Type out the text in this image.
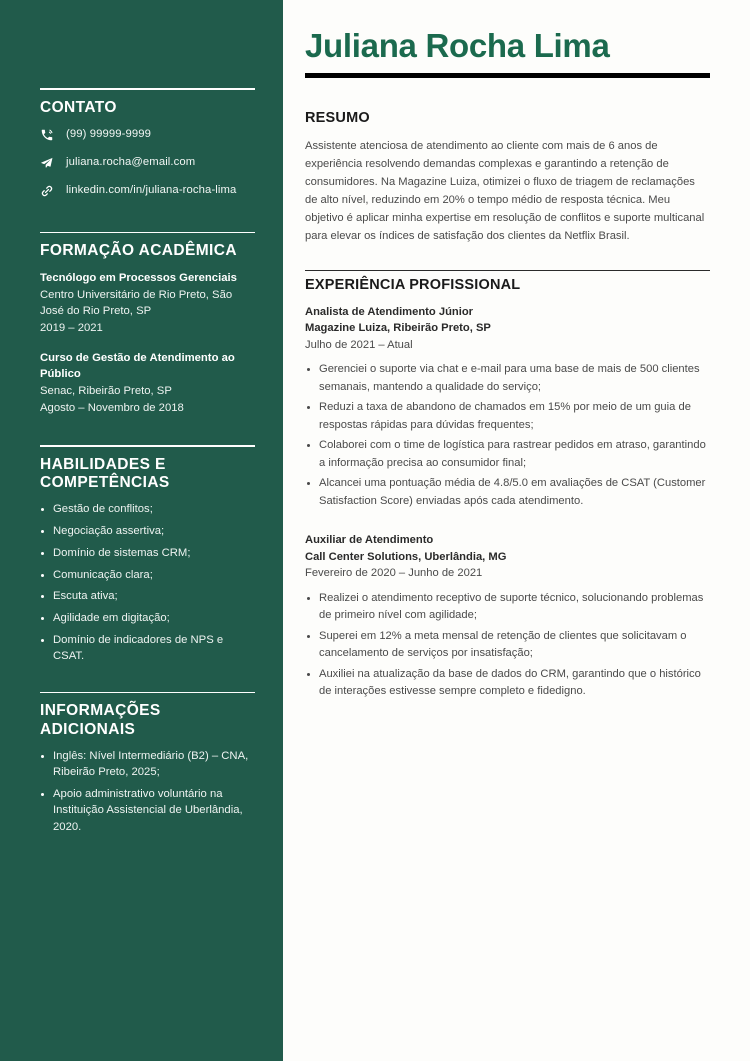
CONTATO
(99) 99999-9999
juliana.rocha@email.com
linkedin.com/in/juliana-rocha-lima
FORMAÇÃO ACADÊMICA
Tecnólogo em Processos Gerenciais
Centro Universitário de Rio Preto, São José do Rio Preto, SP
2019 – 2021
Curso de Gestão de Atendimento ao Público
Senac, Ribeirão Preto, SP
Agosto – Novembro de 2018
HABILIDADES E COMPETÊNCIAS
Gestão de conflitos;
Negociação assertiva;
Domínio de sistemas CRM;
Comunicação clara;
Escuta ativa;
Agilidade em digitação;
Domínio de indicadores de NPS e CSAT.
INFORMAÇÕES ADICIONAIS
Inglês: Nível Intermediário (B2) – CNA, Ribeirão Preto, 2025;
Apoio administrativo voluntário na Instituição Assistencial de Uberlândia, 2020.
Juliana Rocha Lima
RESUMO

Assistente atenciosa de atendimento ao cliente com mais de 6 anos de experiência resolvendo demandas complexas e garantindo a retenção de consumidores. Na Magazine Luiza, otimizei o fluxo de triagem de reclamações de alto nível, reduzindo em 20% o tempo médio de resposta técnica. Meu objetivo é aplicar minha expertise em resolução de conflitos e suporte multicanal para elevar os índices de satisfação dos clientes da Netflix Brasil.

EXPERIÊNCIA PROFISSIONAL
Analista de Atendimento Júnior
Magazine Luiza, Ribeirão Preto, SP
Julho de 2021 – Atual
Gerenciei o suporte via chat e e-mail para uma base de mais de 500 clientes semanais, mantendo a qualidade do serviço;
Reduzi a taxa de abandono de chamados em 15% por meio de um guia de respostas rápidas para dúvidas frequentes;
Colaborei com o time de logística para rastrear pedidos em atraso, garantindo a informação precisa ao consumidor final;
Alcancei uma pontuação média de 4.8/5.0 em avaliações de CSAT (Customer Satisfaction Score) enviadas após cada atendimento.
Auxiliar de Atendimento
Call Center Solutions, Uberlândia, MG
Fevereiro de 2020 – Junho de 2021
Realizei o atendimento receptivo de suporte técnico, solucionando problemas de primeiro nível com agilidade;
Superei em 12% a meta mensal de retenção de clientes que solicitavam o cancelamento de serviços por insatisfação;
Auxiliei na atualização da base de dados do CRM, garantindo que o histórico de interações estivesse sempre completo e fidedigno.
